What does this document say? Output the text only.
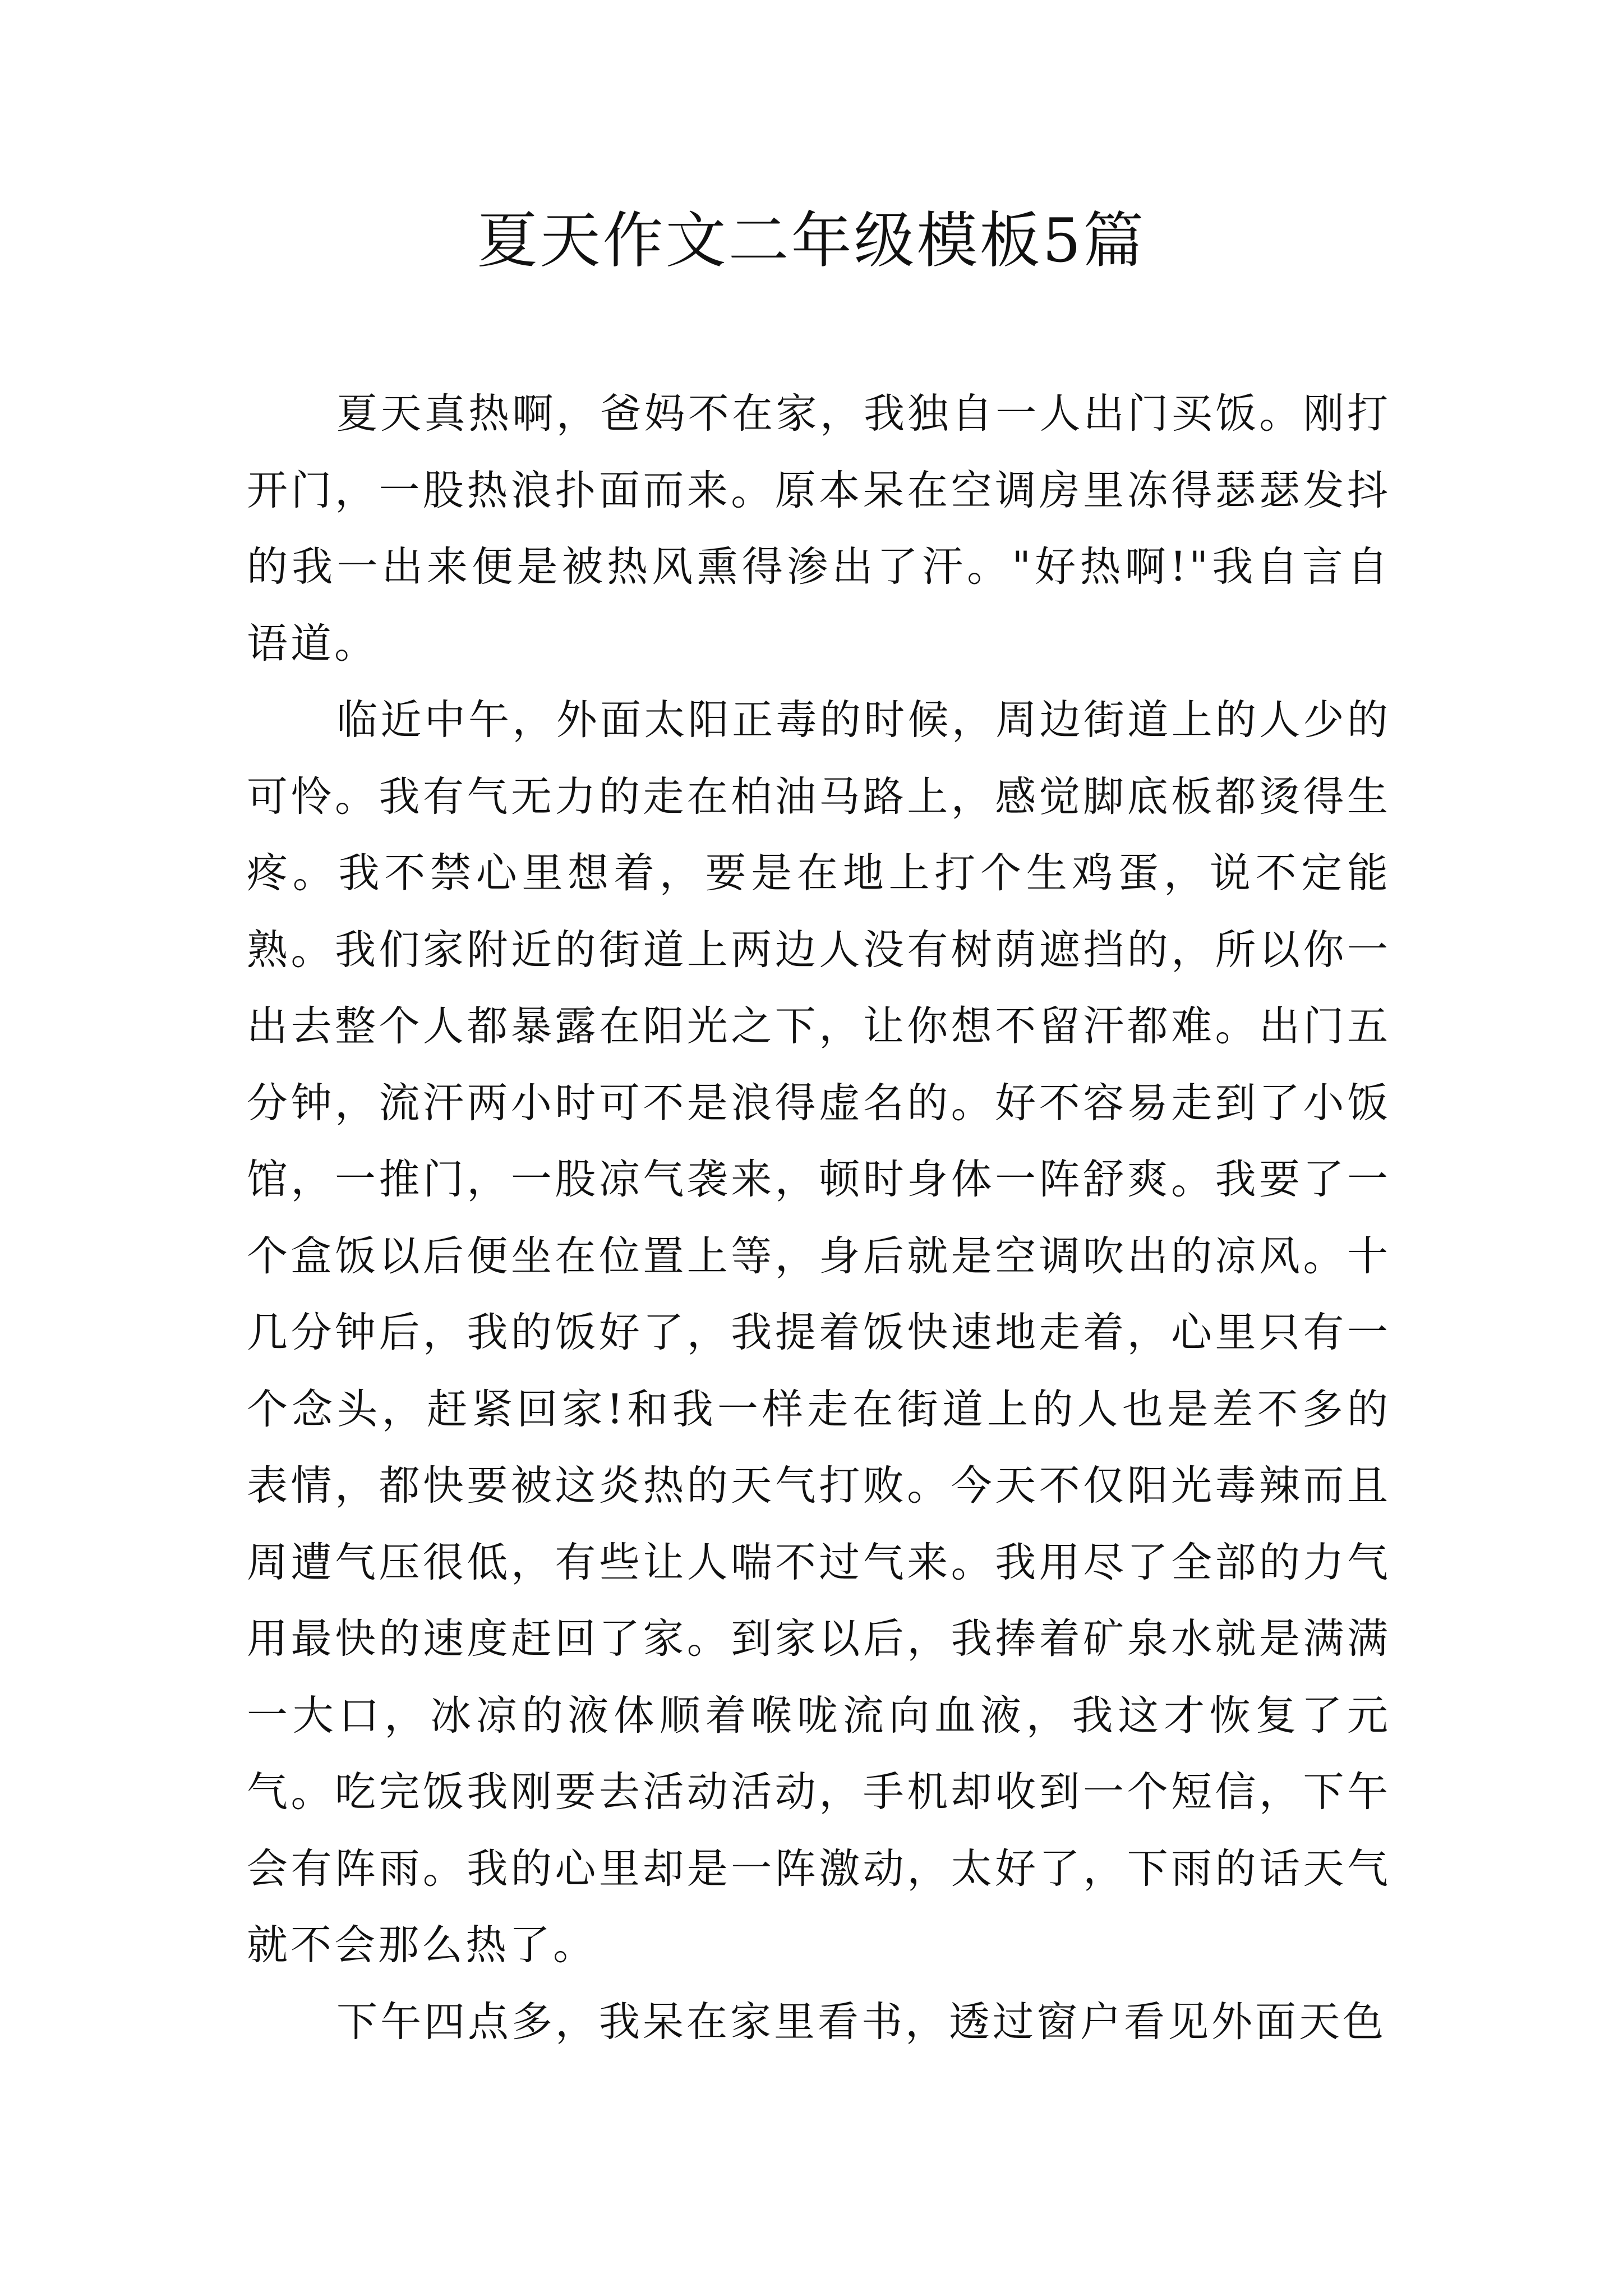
夏天作文二年级模板5篇

夏天真热啊，爸妈不在家，我独自一人出门买饭。刚打开门，一股热浪扑面而来。原本呆在空调房里冻得瑟瑟发抖的我一出来便是被热风熏得渗出了汗。"好热啊!"我自言自语道。

临近中午，外面太阳正毒的时候，周边街道上的人少的可怜。我有气无力的走在柏油马路上，感觉脚底板都烫得生疼。我不禁心里想着，要是在地上打个生鸡蛋，说不定能熟。我们家附近的街道上两边人没有树荫遮挡的，所以你一出去整个人都暴露在阳光之下，让你想不留汗都难。出门五分钟，流汗两小时可不是浪得虚名的。好不容易走到了小饭馆，一推门，一股凉气袭来，顿时身体一阵舒爽。我要了一个盒饭以后便坐在位置上等，身后就是空调吹出的凉风。十几分钟后，我的饭好了，我提着饭快速地走着，心里只有一个念头，赶紧回家!和我一样走在街道上的人也是差不多的表情，都快要被这炎热的天气打败。今天不仅阳光毒辣而且周遭气压很低，有些让人喘不过气来。我用尽了全部的力气用最快的速度赶回了家。到家以后，我捧着矿泉水就是满满一大口，冰凉的液体顺着喉咙流向血液，我这才恢复了元气。吃完饭我刚要去活动活动，手机却收到一个短信，下午会有阵雨。我的心里却是一阵激动，太好了，下雨的话天气就不会那么热了。

下午四点多，我呆在家里看书，透过窗户看见外面天色
